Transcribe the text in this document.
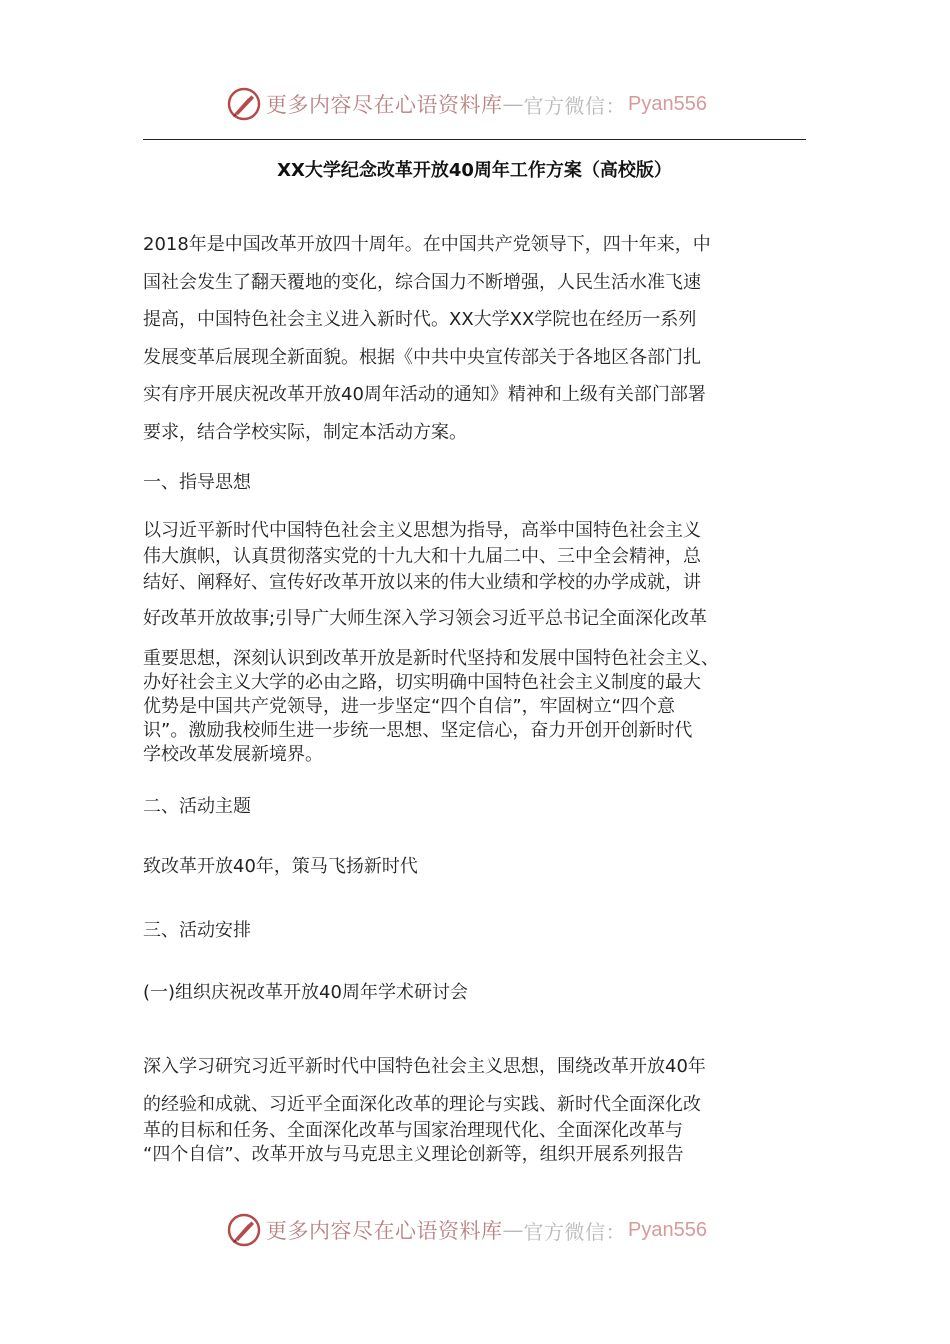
更多内容尽在心语资料库 — 官方微信： Pyan556
XX大学纪念改革开放40周年工作方案（高校版）
2018年是中国改革开放四十周年。在中国共产党领导下，四十年来，中
国社会发生了翻天覆地的变化，综合国力不断增强，人民生活水准飞速
提高，中国特色社会主义进入新时代。XX大学XX学院也在经历一系列
发展变革后展现全新面貌。根据《中共中央宣传部关于各地区各部门扎
实有序开展庆祝改革开放40周年活动的通知》精神和上级有关部门部署
要求，结合学校实际，制定本活动方案。
一、指导思想
以习近平新时代中国特色社会主义思想为指导，高举中国特色社会主义
伟大旗帜，认真贯彻落实党的十九大和十九届二中、三中全会精神，总
结好、阐释好、宣传好改革开放以来的伟大业绩和学校的办学成就，讲
好改革开放故事;引导广大师生深入学习领会习近平总书记全面深化改革
重要思想，深刻认识到改革开放是新时代坚持和发展中国特色社会主义、
办好社会主义大学的必由之路，切实明确中国特色社会主义制度的最大
优势是中国共产党领导，进一步坚定“四个自信”，牢固树立“四个意
识”。激励我校师生进一步统一思想、坚定信心，奋力开创开创新时代
学校改革发展新境界。
二、活动主题
致改革开放40年，策马飞扬新时代
三、活动安排
(一)组织庆祝改革开放40周年学术研讨会
深入学习研究习近平新时代中国特色社会主义思想，围绕改革开放40年
的经验和成就、习近平全面深化改革的理论与实践、新时代全面深化改
革的目标和任务、全面深化改革与国家治理现代化、全面深化改革与
“四个自信”、改革开放与马克思主义理论创新等，组织开展系列报告
更多内容尽在心语资料库 — 官方微信： Pyan556
